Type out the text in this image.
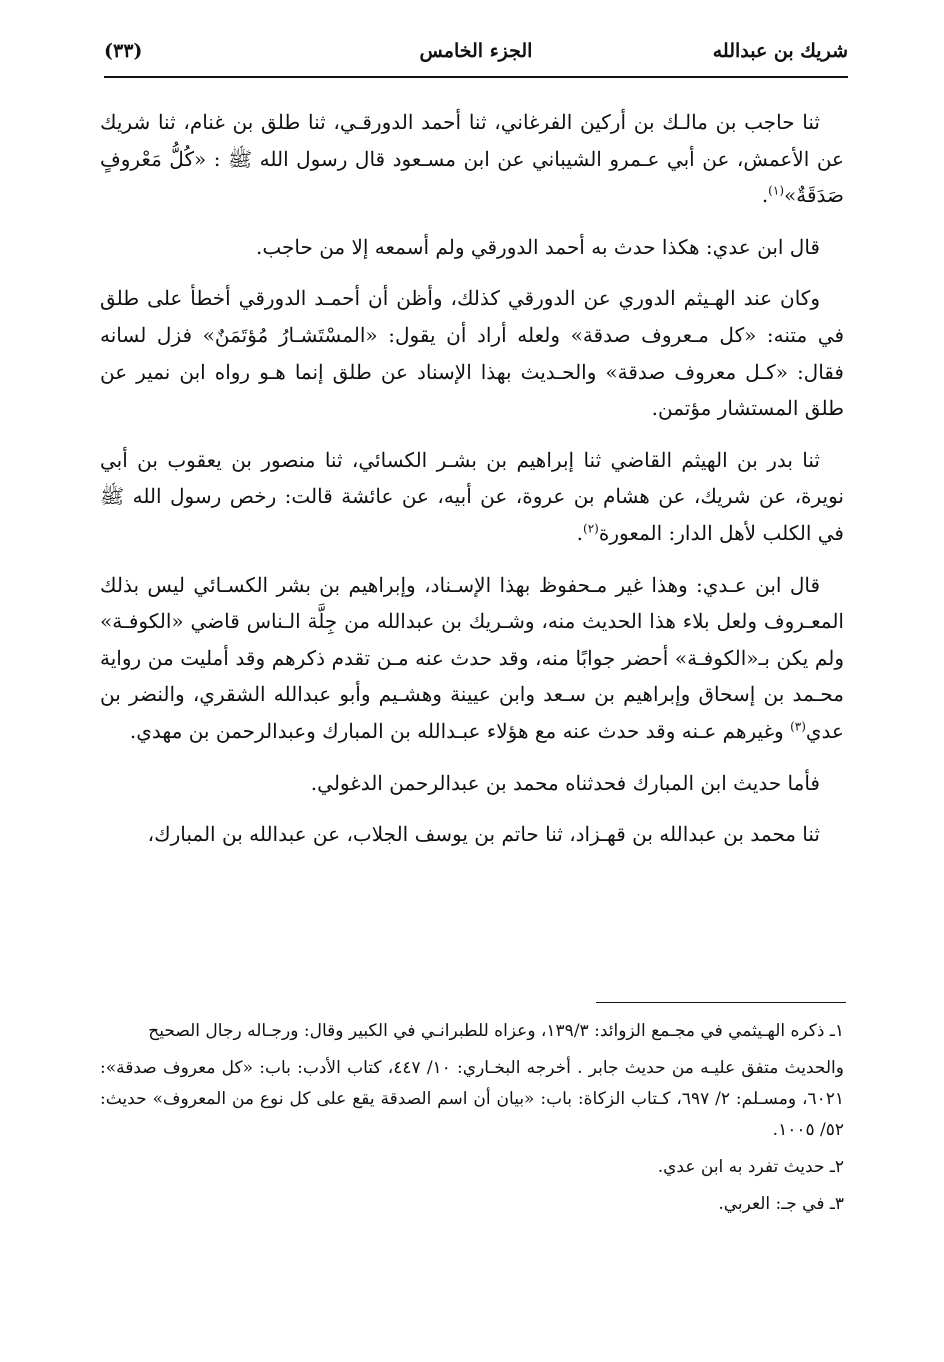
شريك بن عبدالله
الجزء الخامس
(٣٣)

ثنا حاجب بن مالـك بن أركين الفرغاني، ثنا أحمد الدورقـي، ثنا طلق بن غنام، ثنا شريك عن الأعمش، عن أبي عـمرو الشيباني عن ابن مسـعود قال رسول الله ﷺ : «كُلُّ مَعْروفٍ صَدَقَةٌ»$^{(١)}$.

قال ابن عدي: هكذا حدث به أحمد الدورقي ولم أسمعه إلا من حاجب.

وكان عند الهـيثم الدوري عن الدورقي كذلك، وأظن أن أحمـد الدورقي أخطأ على طلق في متنه: «كل مـعروف صدقة» ولعله أراد أن يقول: «المسْتَشـارُ مُؤتَمَنٌ» فزل لسانه فقال: «كـل معروف صدقة» والحـديث بهذا الإسناد عن طلق إنما هـو رواه ابن نمير عن طلق المستشار مؤتمن.

ثنا بدر بن الهيثم القاضي ثنا إبراهيم بن بشـر الكسائي، ثنا منصور بن يعقوب بن أبي نويرة، عن شريك، عن هشام بن عروة، عن أبيه، عن عائشة قالت: رخص رسول الله ﷺ في الكلب لأهل الدار: المعورة$^{(٢)}$.

قال ابن عـدي: وهذا غير مـحفوظ بهذا الإسـناد، وإبراهيم بن بشر الكسـائي ليس بذلك المعـروف ولعل بلاء هذا الحديث منه، وشـريك بن عبدالله من جِلَّة الـناس قاضي «الكوفـة» ولم يكن بـ«الكوفـة» أحضر جوابًا منه، وقد حدث عنه مـن تقدم ذكرهم وقد أمليت من رواية محـمد بن إسحاق وإبراهيم بن سـعد وابن عيينة وهشـيم وأبو عبدالله الشقري، والنضر بن عدي$^{(٣)}$ وغيرهم عـنه وقد حدث عنه مع هؤلاء عبـدالله بن المبارك وعبدالرحمن بن مهدي.

فأما حديث ابن المبارك فحدثناه محمد بن عبدالرحمن الدغولي.

ثنا محمد بن عبدالله بن قهـزاد، ثنا حاتم بن يوسف الجلاب، عن عبدالله بن المبارك،

١ـ ذكره الهـيثمي في مجـمع الزوائد: ١٣٩/٣، وعزاه للطبرانـي في الكبير وقال: ورجـاله رجال الصحيح

والحديث متفق عليـه من حديث جابر . أخرجه البخـاري: ١٠/ ٤٤٧، كتاب الأدب: باب: «كل معروف صدقة»: ٦٠٢١، ومسـلم: ٢/ ٦٩٧، كـتاب الزكاة: باب: «بيان أن اسم الصدقة يقع على كل نوع من المعروف» حديث: ٥٢/ ١٠٠٥.

٢ـ حديث تفرد به ابن عدي.

٣ـ في جـ: العربي.
